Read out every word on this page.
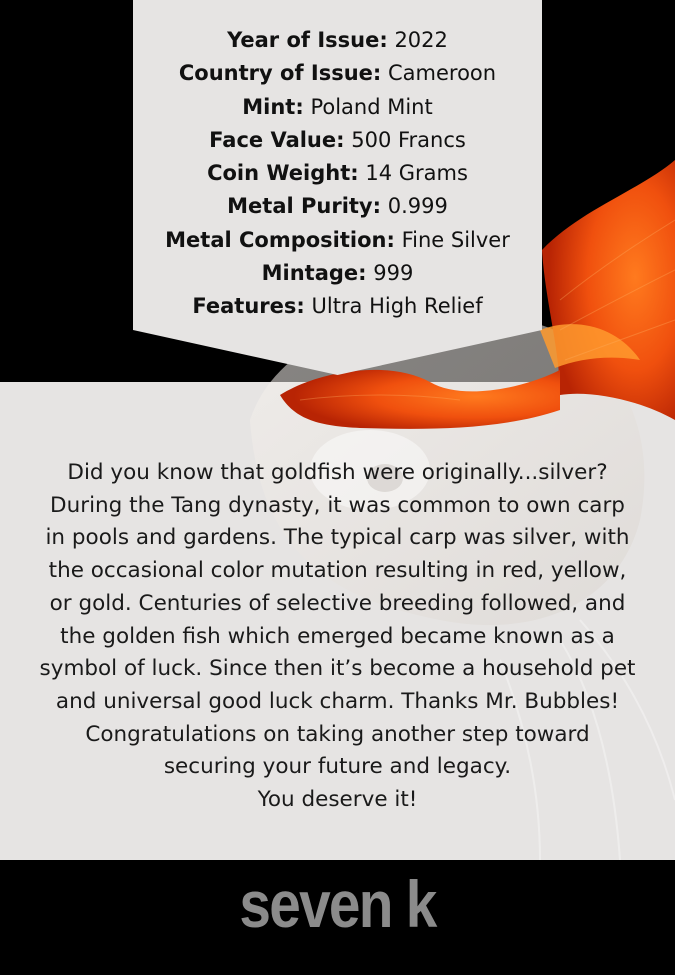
Year of Issue: 2022
Country of Issue: Cameroon
Mint: Poland Mint
Face Value: 500 Francs
Coin Weight: 14 Grams
Metal Purity: 0.999
Metal Composition: Fine Silver
Mintage: 999
Features: Ultra High Relief

Did you know that goldfish were originally...silver?

During the Tang dynasty, it was common to own carp

in pools and gardens. The typical carp was silver, with

the occasional color mutation resulting in red, yellow,

or gold. Centuries of selective breeding followed, and

the golden fish which emerged became known as a

symbol of luck. Since then it’s become a household pet

and universal good luck charm. Thanks Mr. Bubbles!

Congratulations on taking another step toward

securing your future and legacy.

You deserve it!

seven k
